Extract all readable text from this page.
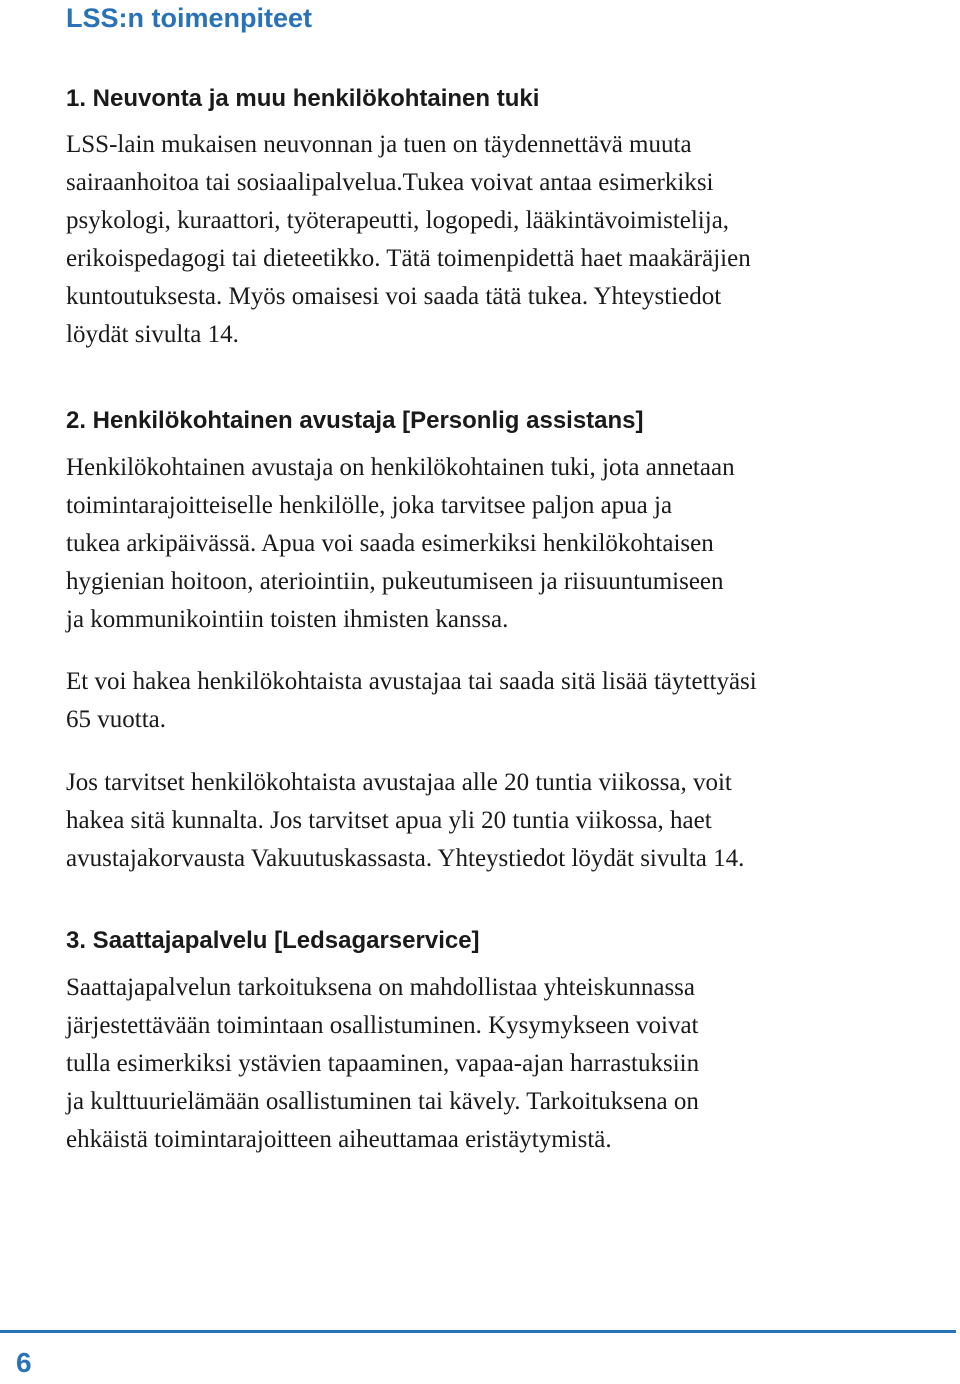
LSS:n toimenpiteet
1. Neuvonta ja muu henkilökohtainen tuki

LSS-lain mukaisen neuvonnan ja tuen on täydennettävä muuta
sairaanhoitoa tai sosiaalipalvelua.Tukea voivat antaa esimerkiksi
psykologi, kuraattori, työterapeutti, logopedi, lääkintävoimistelija,
erikoispedagogi tai dieteetikko. Tätä toimenpidettä haet maakäräjien
kuntoutuksesta. Myös omaisesi voi saada tätä tukea. Yhteystiedot
löydät sivulta 14.

2. Henkilökohtainen avustaja [Personlig assistans]

Henkilökohtainen avustaja on henkilökohtainen tuki, jota annetaan
toimintarajoitteiselle henkilölle, joka tarvitsee paljon apua ja
tukea arkipäivässä. Apua voi saada esimerkiksi henkilökohtaisen
hygienian hoitoon, ateriointiin, pukeutumiseen ja riisuuntumiseen
ja kommunikointiin toisten ihmisten kanssa.

Et voi hakea henkilökohtaista avustajaa tai saada sitä lisää täytettyäsi
65 vuotta.

Jos tarvitset henkilökohtaista avustajaa alle 20 tuntia viikossa, voit
hakea sitä kunnalta. Jos tarvitset apua yli 20 tuntia viikossa, haet
avustajakorvausta Vakuutuskassasta. Yhteystiedot löydät sivulta 14.

3. Saattajapalvelu [Ledsagarservice]

Saattajapalvelun tarkoituksena on mahdollistaa yhteiskunnassa
järjestettävään toimintaan osallistuminen. Kysymykseen voivat
tulla esimerkiksi ystävien tapaaminen, vapaa-ajan harrastuksiin
ja kulttuurielämään osallistuminen tai kävely. Tarkoituksena on
ehkäistä toimintarajoitteen aiheuttamaa eristäytymistä.

6
